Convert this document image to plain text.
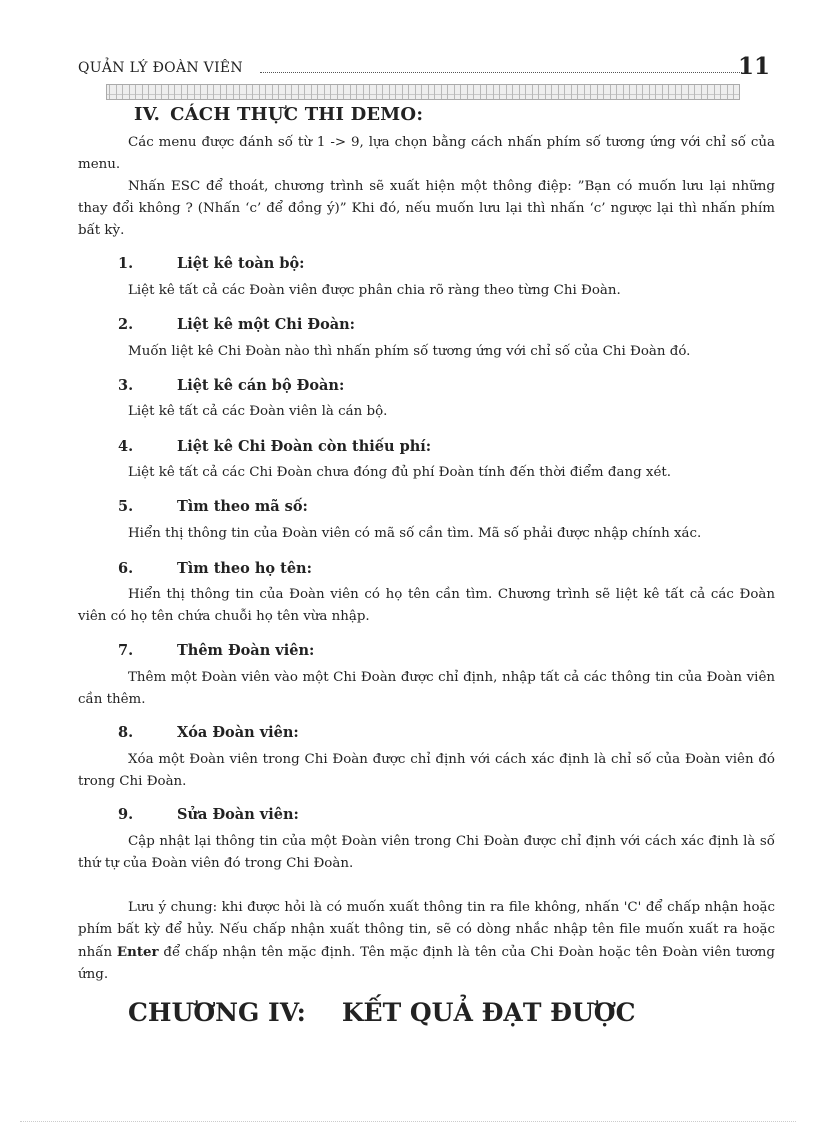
QUẢN LÝ ĐOÀN VIÊN	11
IV. CÁCH THỰC THI DEMO:
Các menu được đánh số từ 1 -> 9, lựa chọn bằng cách nhấn phím số tương ứng với chỉ số của menu.
Nhấn ESC để thoát, chương trình sẽ xuất hiện một thông điệp: ”Bạn có muốn lưu lại những thay đổi không ? (Nhấn ‘c’ để đồng ý)” Khi đó, nếu muốn lưu lại thì nhấn ‘c’ ngược lại thì nhấn phím bất kỳ.
1.	Liệt kê toàn bộ:
Liệt kê tất cả các Đoàn viên được phân chia rõ ràng theo từng Chi Đoàn.
2.	Liệt kê một Chi Đoàn:
Muốn liệt kê Chi Đoàn nào thì nhấn phím số tương ứng với chỉ số của Chi Đoàn đó.
3.	Liệt kê cán bộ Đoàn:
Liệt kê tất cả các Đoàn viên là cán bộ.
4.	Liệt kê Chi Đoàn còn thiếu phí:
Liệt kê tất cả các Chi Đoàn chưa đóng đủ phí Đoàn tính đến thời điểm đang xét.
5.	Tìm theo mã số:
Hiển thị thông tin của Đoàn viên có mã số cần tìm. Mã số phải được nhập chính xác.
6.	Tìm theo họ tên:
Hiển thị thông tin của Đoàn viên có họ tên cần tìm. Chương trình sẽ liệt kê tất cả các Đoàn viên có họ tên chứa chuỗi họ tên vừa nhập.
7.	Thêm Đoàn viên:
Thêm một Đoàn viên vào một Chi Đoàn được chỉ định, nhập tất cả các thông tin của Đoàn viên cần thêm.
8.	Xóa Đoàn viên:
Xóa một Đoàn viên trong Chi Đoàn được chỉ định với cách xác định là chỉ số của Đoàn viên đó trong Chi Đoàn.
9.	Sửa Đoàn viên:
Cập nhật lại thông tin của một Đoàn viên trong Chi Đoàn được chỉ định với cách xác định là số thứ tự của Đoàn viên đó trong Chi Đoàn.
Lưu ý chung: khi được hỏi là có muốn xuất thông tin ra file không, nhấn 'C' để chấp nhận hoặc phím bất kỳ để hủy. Nếu chấp nhận xuất thông tin, sẽ có dòng nhắc nhập tên file muốn xuất ra hoặc nhấn Enter để chấp nhận tên mặc định. Tên mặc định là tên của Chi Đoàn hoặc tên Đoàn viên tương ứng.
CHƯƠNG IV: KẾT QUẢ ĐẠT ĐƯỢC
